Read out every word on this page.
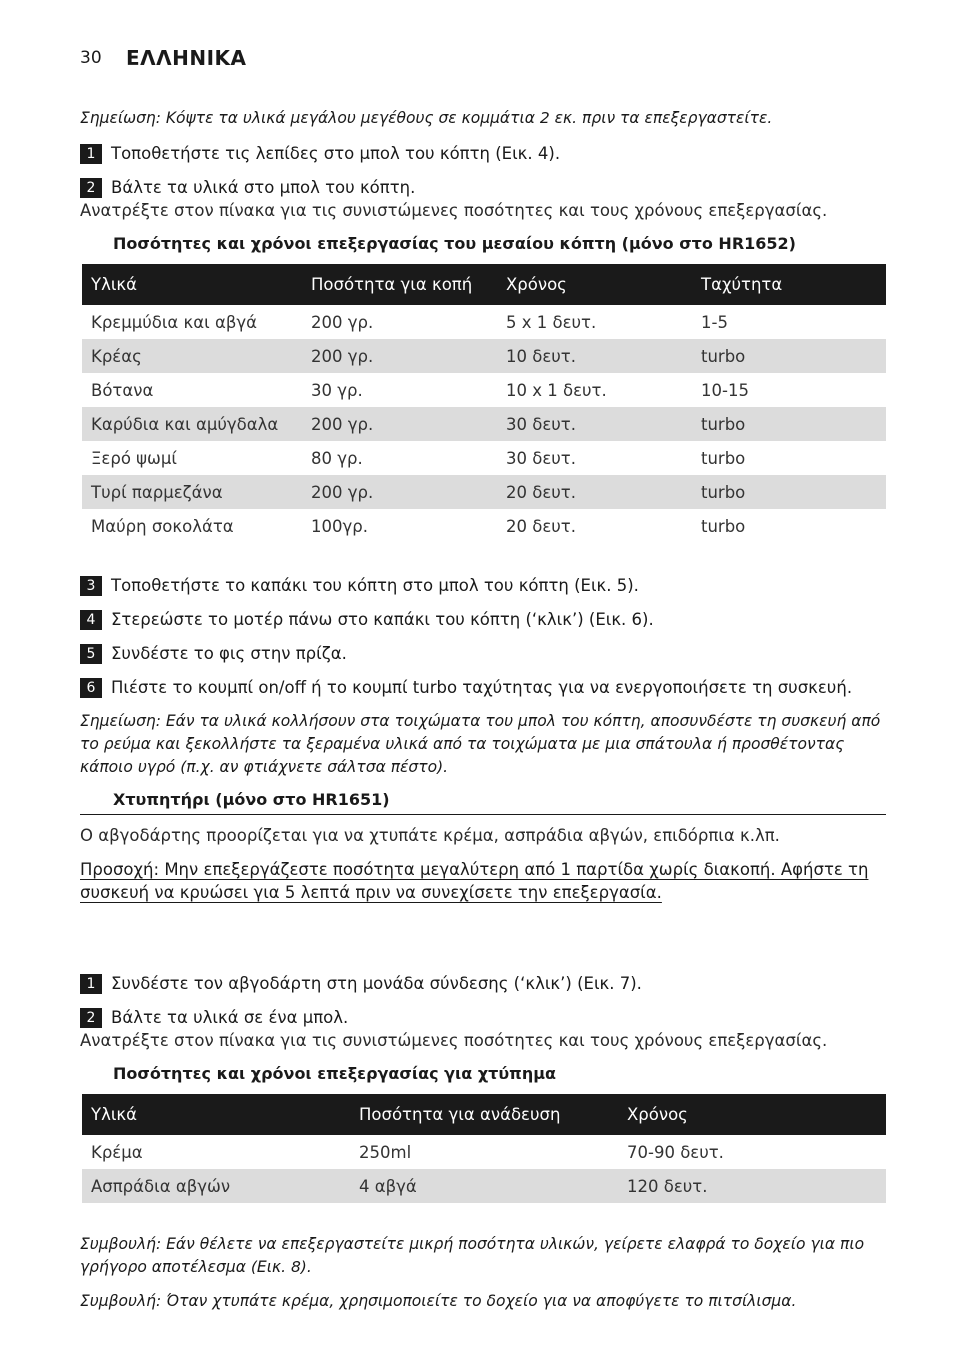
30 ΕΛΛΗΝΙΚΑ
Σημείωση: Κόψτε τα υλικά μεγάλου μεγέθους σε κομμάτια 2 εκ. πριν τα επεξεργαστείτε.
1 Τοποθετήστε τις λεπίδες στο μπολ του κόπτη (Εικ. 4).
2 Βάλτε τα υλικά στο μπολ του κόπτη.
Ανατρέξτε στον πίνακα για τις συνιστώμενες ποσότητες και τους χρόνους επεξεργασίας.
Ποσότητες και χρόνοι επεξεργασίας του μεσαίου κόπτη (μόνο στο HR1652)
Υλικά	Ποσότητα για κοπή	Χρόνος	Ταχύτητα
Κρεμμύδια και αβγά	200 γρ.	5 x 1 δευτ.	1-5
Κρέας	200 γρ.	10 δευτ.	turbo
Βότανα	30 γρ.	10 x 1 δευτ.	10-15
Καρύδια και αμύγδαλα	200 γρ.	30 δευτ.	turbo
Ξερό ψωμί	80 γρ.	30 δευτ.	turbo
Τυρί παρμεζάνα	200 γρ.	20 δευτ.	turbo
Μαύρη σοκολάτα	100γρ.	20 δευτ.	turbo
3 Τοποθετήστε το καπάκι του κόπτη στο μπολ του κόπτη (Εικ. 5).
4 Στερεώστε το μοτέρ πάνω στο καπάκι του κόπτη (‘κλικ’) (Εικ. 6).
5 Συνδέστε το φις στην πρίζα.
6 Πιέστε το κουμπί on/off ή το κουμπί turbo ταχύτητας για να ενεργοποιήσετε τη συσκευή.
Σημείωση: Εάν τα υλικά κολλήσουν στα τοιχώματα του μπολ του κόπτη, αποσυνδέστε τη συσκευή από το ρεύμα και ξεκολλήστε τα ξεραμένα υλικά από τα τοιχώματα με μια σπάτουλα ή προσθέτοντας κάποιο υγρό (π.χ. αν φτιάχνετε σάλτσα πέστο).
Χτυπητήρι (μόνο στο HR1651)
Ο αβγοδάρτης προορίζεται για να χτυπάτε κρέμα, ασπράδια αβγών, επιδόρπια κ.λπ.
Προσοχή: Μην επεξεργάζεστε ποσότητα μεγαλύτερη από 1 παρτίδα χωρίς διακοπή. Αφήστε τη συσκευή να κρυώσει για 5 λεπτά πριν να συνεχίσετε την επεξεργασία.
1 Συνδέστε τον αβγοδάρτη στη μονάδα σύνδεσης (‘κλικ’) (Εικ. 7).
2 Βάλτε τα υλικά σε ένα μπολ.
Ανατρέξτε στον πίνακα για τις συνιστώμενες ποσότητες και τους χρόνους επεξεργασίας.
Ποσότητες και χρόνοι επεξεργασίας για χτύπημα
Υλικά	Ποσότητα για ανάδευση	Χρόνος
Κρέμα	250ml	70-90 δευτ.
Ασπράδια αβγών	4 αβγά	120 δευτ.
Συμβουλή: Εάν θέλετε να επεξεργαστείτε μικρή ποσότητα υλικών, γείρετε ελαφρά το δοχείο για πιο γρήγορο αποτέλεσμα (Εικ. 8).
Συμβουλή: Όταν χτυπάτε κρέμα, χρησιμοποιείτε το δοχείο για να αποφύγετε το πιτσίλισμα.
